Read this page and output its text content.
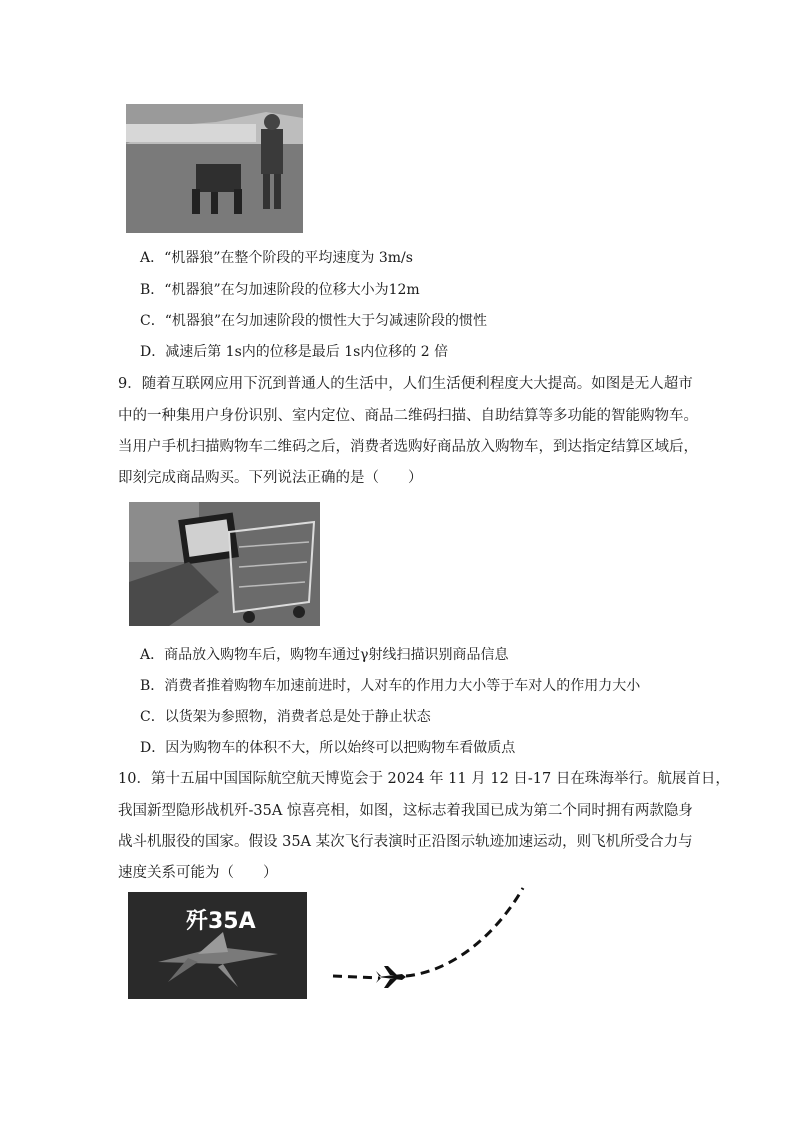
A．“机器狼”在整个阶段的平均速度为 3m/s
B．“机器狼”在匀加速阶段的位移大小为12m
C．“机器狼”在匀加速阶段的惯性大于匀减速阶段的惯性
D．减速后第 1s内的位移是最后 1s内位移的 2 倍
9．随着互联网应用下沉到普通人的生活中，人们生活便利程度大大提高。如图是无人超市
中的一种集用户身份识别、室内定位、商品二维码扫描、自助结算等多功能的智能购物车。
当用户手机扫描购物车二维码之后，消费者选购好商品放入购物车，到达指定结算区域后，
即刻完成商品购买。下列说法正确的是（　　）
A．商品放入购物车后，购物车通过γ射线扫描识别商品信息
B．消费者推着购物车加速前进时，人对车的作用力大小等于车对人的作用力大小
C．以货架为参照物，消费者总是处于静止状态
D．因为购物车的体积不大，所以始终可以把购物车看做质点
10．第十五届中国国际航空航天博览会于 2024 年 11 月 12 日-17 日在珠海举行。航展首日，
我国新型隐形战机歼-35A 惊喜亮相，如图，这标志着我国已成为第二个同时拥有两款隐身
战斗机服役的国家。假设 35A 某次飞行表演时正沿图示轨迹加速运动，则飞机所受合力与
速度关系可能为（　　）
歼35A
